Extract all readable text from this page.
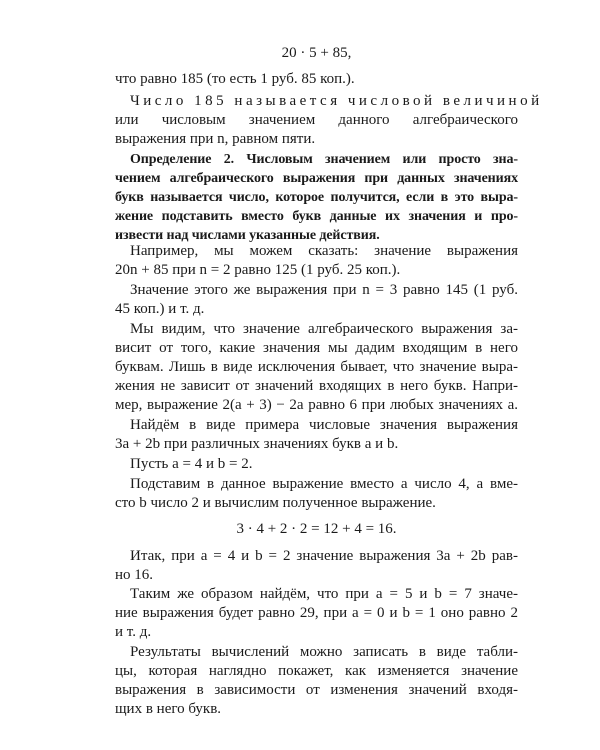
20 · 5 + 85,
что равно 185 (то есть 1 руб. 85 коп.).
Число 185 называется числовой величиной
или числовым значением данного алгебраического
выражения при n, равном пяти.
Определение 2. Числовым значением или просто зна-
чением алгебраического выражения при данных значениях
букв называется число, которое получится, если в это выра-
жение подставить вместо букв данные их значения и про-
извести над числами указанные действия.
Например, мы можем сказать: значение выражения
20n + 85 при n = 2 равно 125 (1 руб. 25 коп.).
Значение этого же выражения при n = 3 равно 145 (1 руб.
45 коп.) и т. д.
Мы видим, что значение алгебраического выражения за-
висит от того, какие значения мы дадим входящим в него
буквам. Лишь в виде исключения бывает, что значение выра-
жения не зависит от значений входящих в него букв. Напри-
мер, выражение 2(a + 3) − 2a равно 6 при любых значениях a.
Найдём в виде примера числовые значения выражения
3a + 2b при различных значениях букв a и b.
Пусть a = 4 и b = 2.
Подставим в данное выражение вместо a число 4, а вме-
сто b число 2 и вычислим полученное выражение.
3 · 4 + 2 · 2 = 12 + 4 = 16.
Итак, при a = 4 и b = 2 значение выражения 3a + 2b рав-
но 16.
Таким же образом найдём, что при a = 5 и b = 7 значе-
ние выражения будет равно 29, при a = 0 и b = 1 оно равно 2
и т. д.
Результаты вычислений можно записать в виде табли-
цы, которая наглядно покажет, как изменяется значение
выражения в зависимости от изменения значений входя-
щих в него букв.
